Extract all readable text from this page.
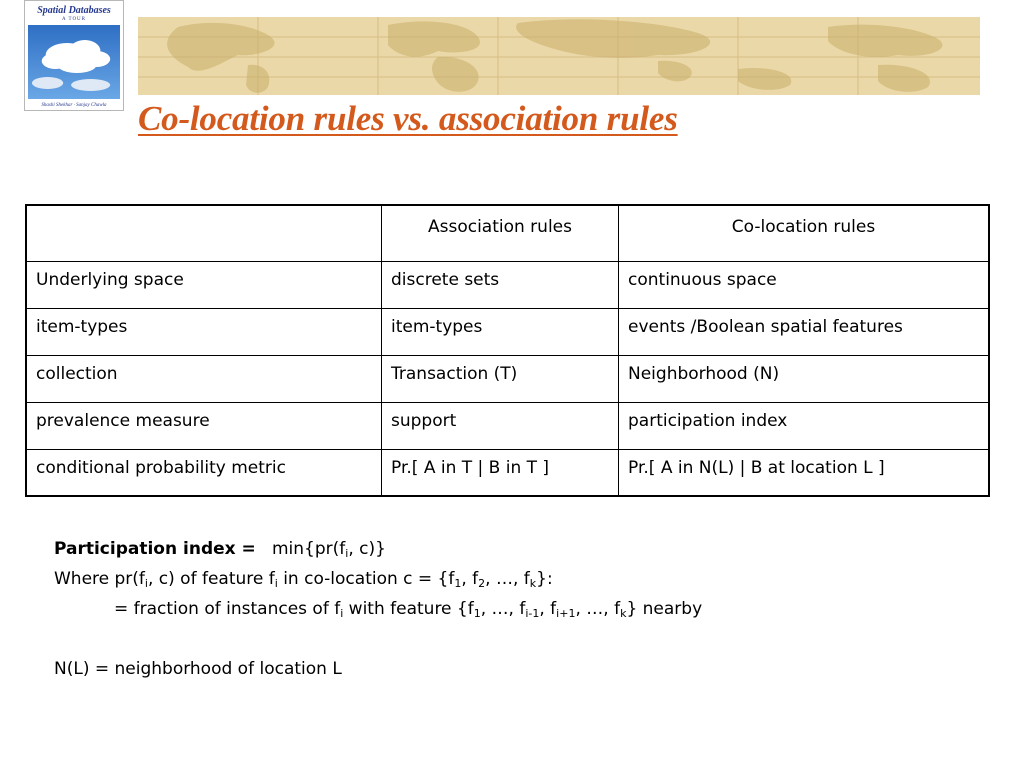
Spatial Databases
A TOUR
Shashi Shekhar · Sanjay Chawla Co-location rules vs. association rules
	Association rules	Co-location rules
Underlying space	discrete sets	continuous space
item-types	item-types	events /Boolean spatial features
collection	Transaction (T)	Neighborhood (N)
prevalence measure	support	participation index
conditional probability metric	Pr.[ A in T | B in T ]	Pr.[ A in N(L) | B at location L ]
Participation index = $\min\{pr(f_i$, c)}
Where $pr(f_i$, c) of feature $f_i$ in co-location $c = \{f_1$, $f_2$, …, $f_k$}:
= fraction of instances of $f_i$ with feature {$f_1$, …, $f_{i-1}$, $f_{i+1}$, …, $f_k$} nearby
N(L) = neighborhood of location L
